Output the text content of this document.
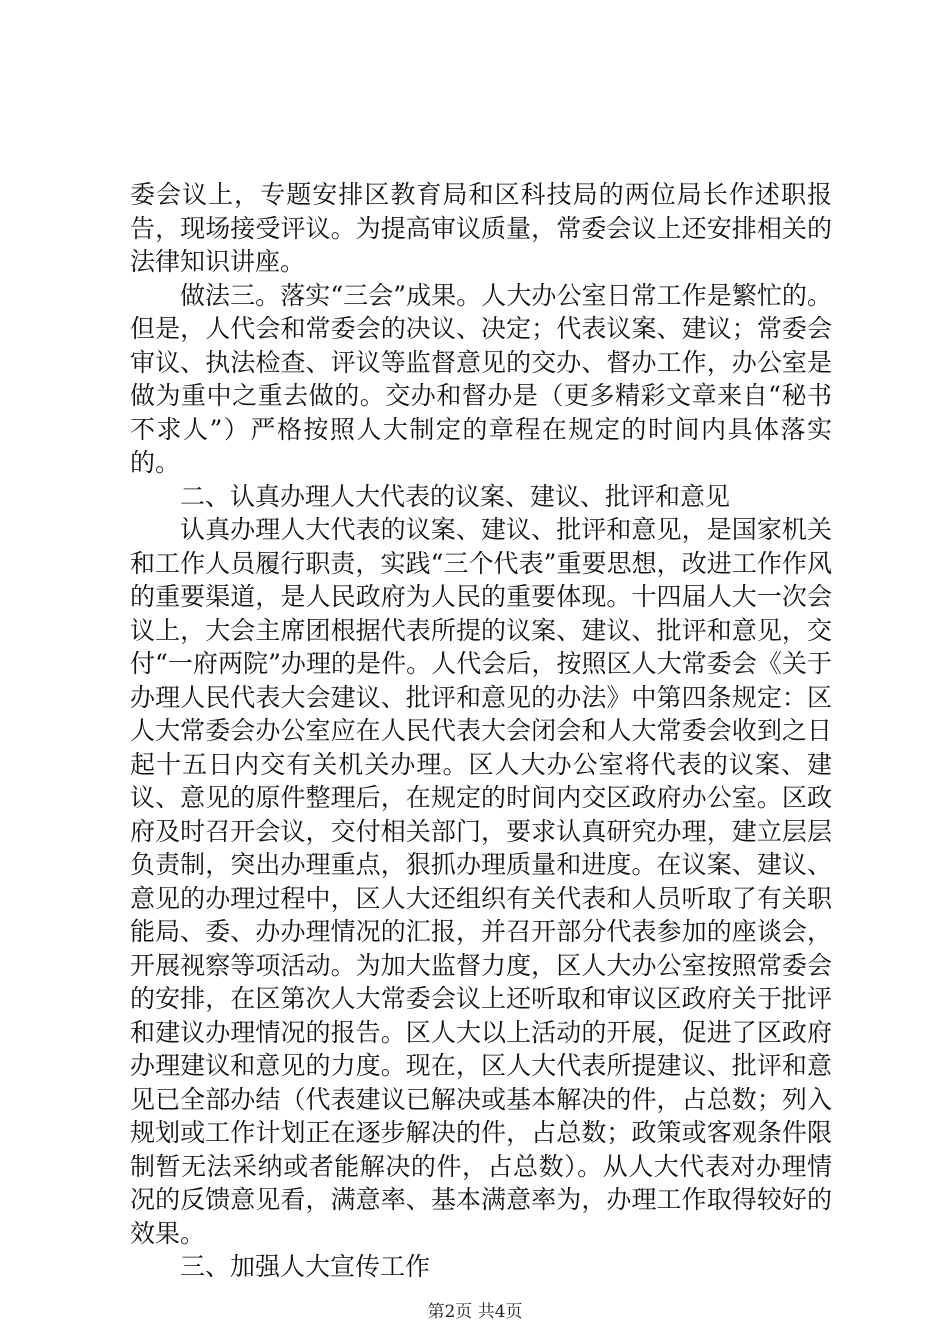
委会议上，专题安排区教育局和区科技局的两位局长作述职报告，现场接受评议。为提高审议质量，常委会议上还安排相关的法律知识讲座。

做法三。落实“三会”成果。人大办公室日常工作是繁忙的。但是，人代会和常委会的决议、决定；代表议案、建议；常委会审议、执法检查、评议等监督意见的交办、督办工作，办公室是做为重中之重去做的。交办和督办是（更多精彩文章来自“秘书不求人”）严格按照人大制定的章程在规定的时间内具体落实的。

二、认真办理人大代表的议案、建议、批评和意见

认真办理人大代表的议案、建议、批评和意见，是国家机关和工作人员履行职责，实践“三个代表”重要思想，改进工作作风的重要渠道，是人民政府为人民的重要体现。十四届人大一次会议上，大会主席团根据代表所提的议案、建议、批评和意见，交付“一府两院”办理的是件。人代会后，按照区人大常委会《关于办理人民代表大会建议、批评和意见的办法》中第四条规定：区人大常委会办公室应在人民代表大会闭会和人大常委会收到之日起十五日内交有关机关办理。区人大办公室将代表的议案、建议、意见的原件整理后，在规定的时间内交区政府办公室。区政府及时召开会议，交付相关部门，要求认真研究办理，建立层层负责制，突出办理重点，狠抓办理质量和进度。在议案、建议、意见的办理过程中，区人大还组织有关代表和人员听取了有关职能局、委、办办理情况的汇报，并召开部分代表参加的座谈会，开展视察等项活动。为加大监督力度，区人大办公室按照常委会的安排，在区第次人大常委会议上还听取和审议区政府关于批评和建议办理情况的报告。区人大以上活动的开展，促进了区政府办理建议和意见的力度。现在，区人大代表所提建议、批评和意见已全部办结（代表建议已解决或基本解决的件，占总数；列入规划或工作计划正在逐步解决的件，占总数；政策或客观条件限制暂无法采纳或者能解决的件，占总数）。从人大代表对办理情况的反馈意见看，满意率、基本满意率为，办理工作取得较好的效果。

三、加强人大宣传工作

第2页 共4页
